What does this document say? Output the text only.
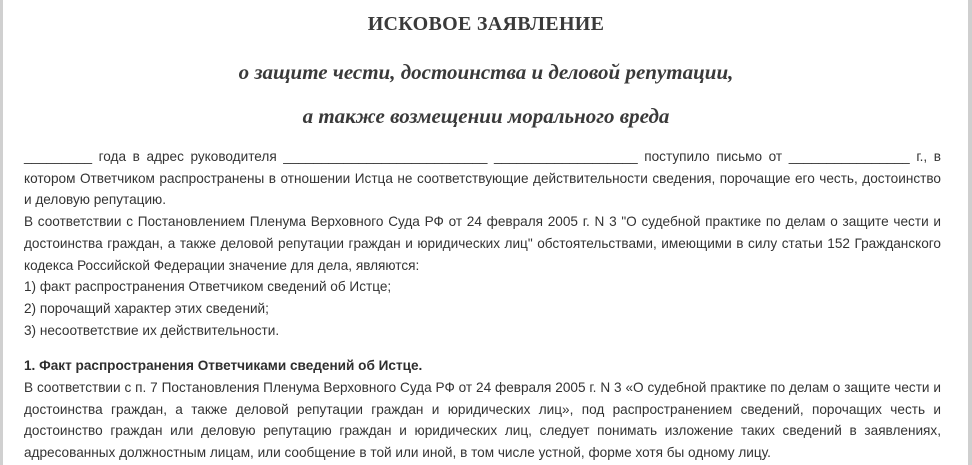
ИСКОВОЕ ЗАЯВЛЕНИЕ
о защите чести, достоинства и деловой репутации,
а также возмещении морального вреда

_________ года в адрес руководителя ___________________________ ___________________ поступило письмо от ________________ г., в котором Ответчиком распространены в отношении Истца не соответствующие действительности сведения, порочащие его честь, достоинство и деловую репутацию.

В соответствии с Постановлением Пленума Верховного Суда РФ от 24 февраля 2005 г. N 3 "О судебной практике по делам о защите чести и достоинства граждан, а также деловой репутации граждан и юридических лиц" обстоятельствами, имеющими в силу статьи 152 Гражданского кодекса Российской Федерации значение для дела, являются:

1) факт распространения Ответчиком сведений об Истце;

2) порочащий характер этих сведений;

3) несоответствие их действительности.

1. Факт распространения Ответчиками сведений об Истце.

В соответствии с п. 7 Постановления Пленума Верховного Суда РФ от 24 февраля 2005 г. N 3 «О судебной практике по делам о защите чести и достоинства граждан, а также деловой репутации граждан и юридических лиц», под распространением сведений, порочащих честь и достоинство граждан или деловую репутацию граждан и юридических лиц, следует понимать изложение таких сведений в заявлениях, адресованных должностным лицам, или сообщение в той или иной, в том числе устной, форме хотя бы одному лицу.
